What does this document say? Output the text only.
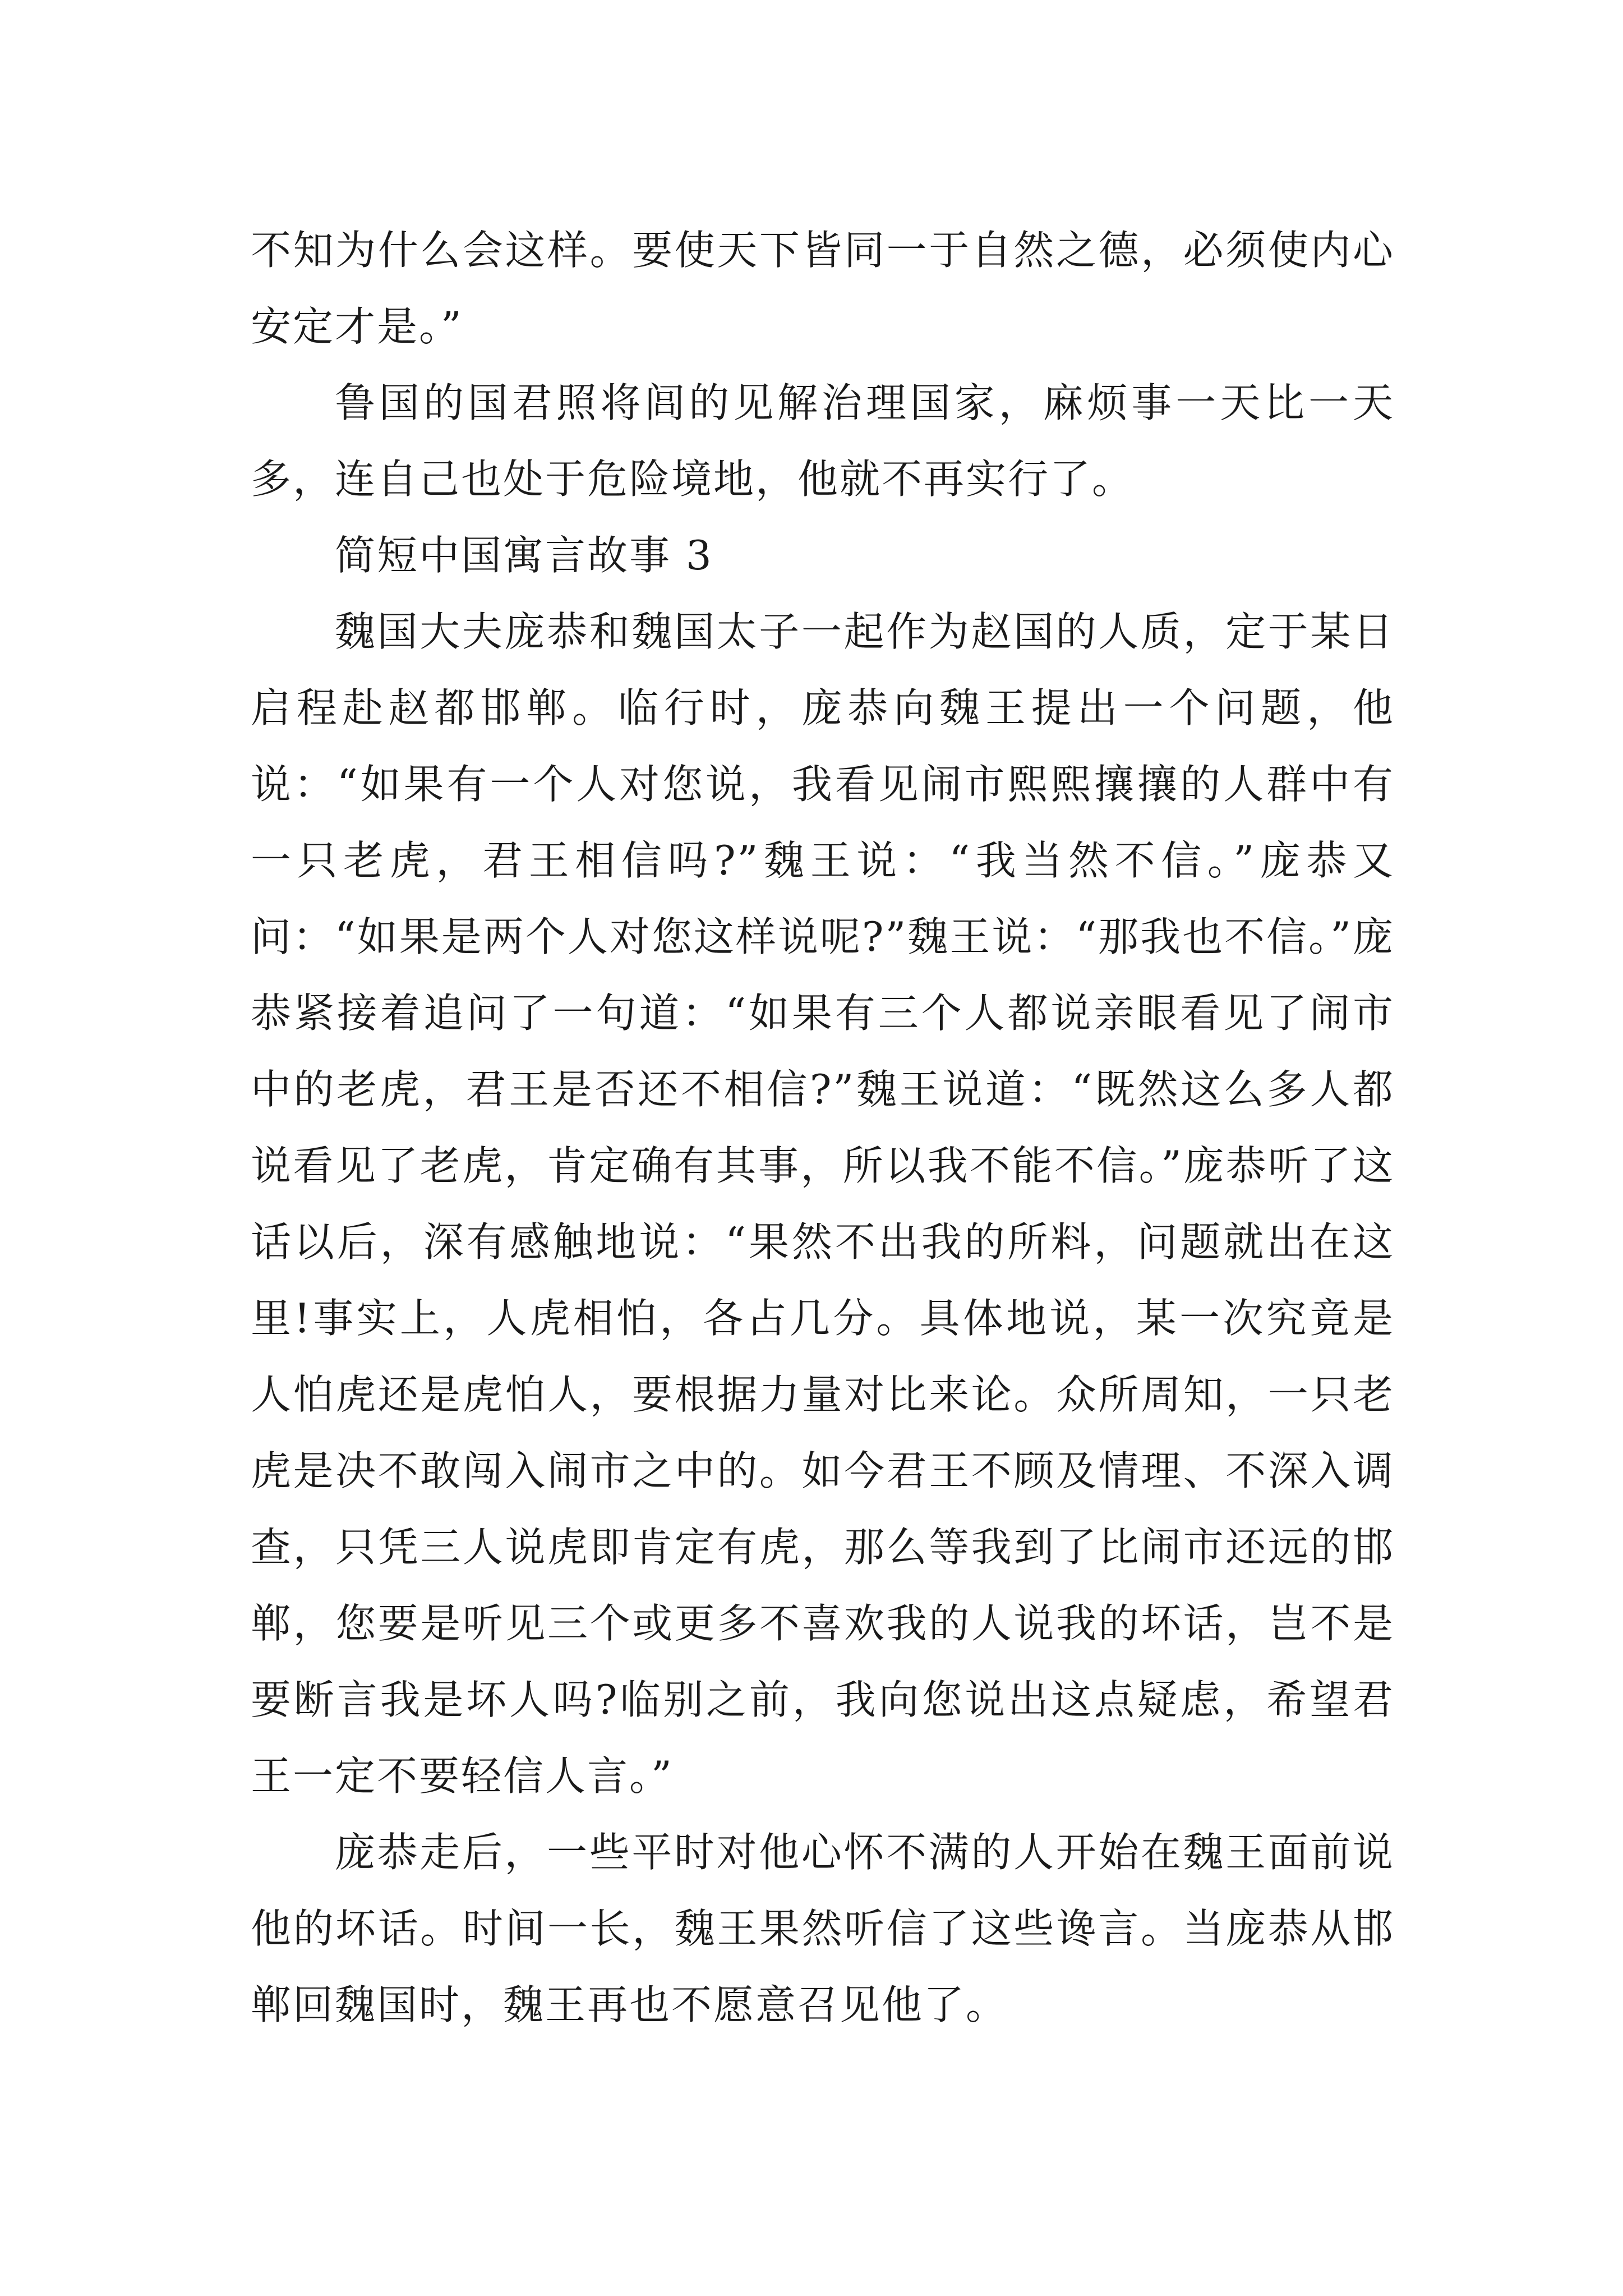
不知为什么会这样。要使天下皆同一于自然之德，必须使内心安定才是。”

鲁国的国君照将闾的见解治理国家，麻烦事一天比一天多，连自己也处于危险境地，他就不再实行了。

简短中国寓言故事 3

魏国大夫庞恭和魏国太子一起作为赵国的人质，定于某日启程赴赵都邯郸。临行时，庞恭向魏王提出一个问题，他说：“如果有一个人对您说，我看见闹市熙熙攘攘的人群中有一只老虎，君王相信吗?”魏王说：“我当然不信。”庞恭又问：“如果是两个人对您这样说呢?”魏王说：“那我也不信。”庞恭紧接着追问了一句道：“如果有三个人都说亲眼看见了闹市中的老虎，君王是否还不相信?”魏王说道：“既然这么多人都说看见了老虎，肯定确有其事，所以我不能不信。”庞恭听了这话以后，深有感触地说：“果然不出我的所料，问题就出在这里!事实上，人虎相怕，各占几分。具体地说，某一次究竟是人怕虎还是虎怕人，要根据力量对比来论。众所周知，一只老虎是决不敢闯入闹市之中的。如今君王不顾及情理、不深入调查，只凭三人说虎即肯定有虎，那么等我到了比闹市还远的邯郸，您要是听见三个或更多不喜欢我的人说我的坏话，岂不是要断言我是坏人吗?临别之前，我向您说出这点疑虑，希望君王一定不要轻信人言。”

庞恭走后，一些平时对他心怀不满的人开始在魏王面前说他的坏话。时间一长，魏王果然听信了这些谗言。当庞恭从邯郸回魏国时，魏王再也不愿意召见他了。
